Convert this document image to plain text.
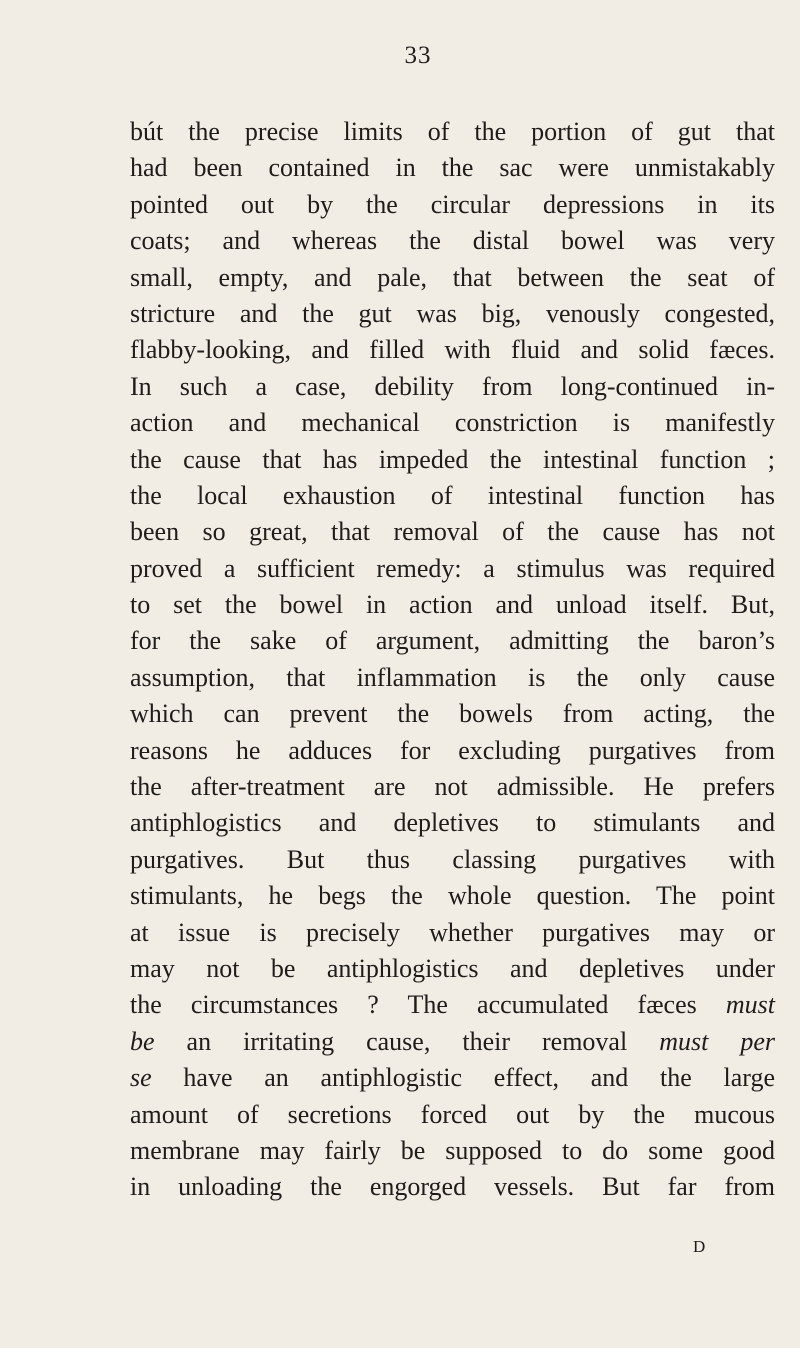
33
bút the precise limits of the portion of gut that
had been contained in the sac were unmistakably
pointed out by the circular depressions in its
coats; and whereas the distal bowel was very
small, empty, and pale, that between the seat of
stricture and the gut was big, venously congested,
flabby-looking, and filled with fluid and solid fæces.
In such a case, debility from long-continued in-
action and mechanical constriction is manifestly
the cause that has impeded the intestinal function ;
the local exhaustion of intestinal function has
been so great, that removal of the cause has not
proved a sufficient remedy: a stimulus was required
to set the bowel in action and unload itself. But,
for the sake of argument, admitting the baron’s
assumption, that inflammation is the only cause
which can prevent the bowels from acting, the
reasons he adduces for excluding purgatives from
the after-treatment are not admissible. He prefers
antiphlogistics and depletives to stimulants and
purgatives. But thus classing purgatives with
stimulants, he begs the whole question. The point
at issue is precisely whether purgatives may or
may not be antiphlogistics and depletives under
the circumstances ? The accumulated fæces must
be an irritating cause, their removal must per
se have an antiphlogistic effect, and the large
amount of secretions forced out by the mucous
membrane may fairly be supposed to do some good
in unloading the engorged vessels. But far from
D
